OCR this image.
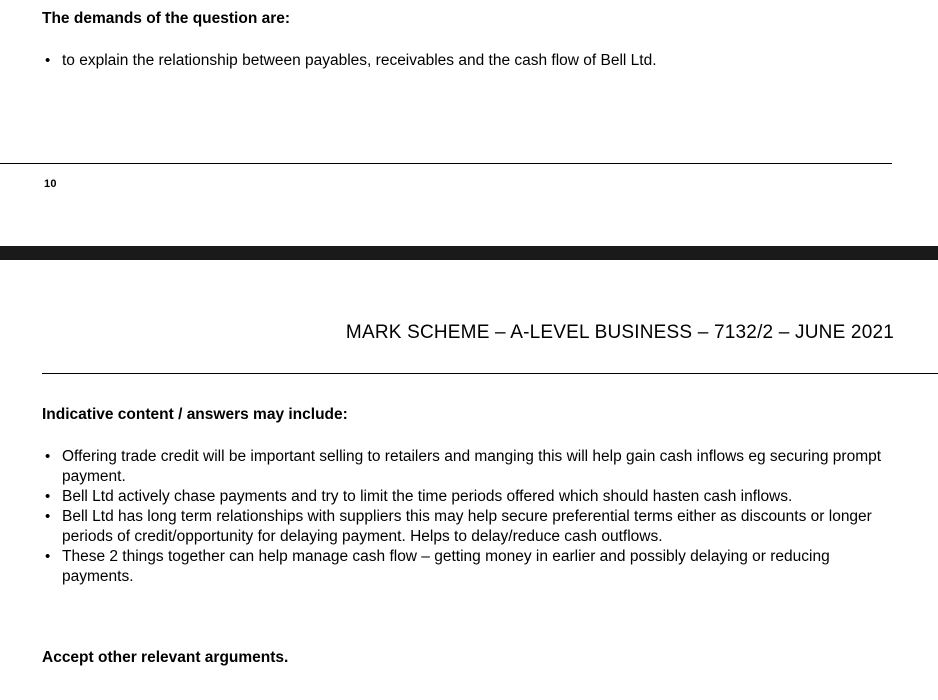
The demands of the question are:
• to explain the relationship between payables, receivables and the cash flow of Bell Ltd.
10
MARK SCHEME – A-LEVEL BUSINESS – 7132/2 – JUNE 2021
Indicative content / answers may include:
• Offering trade credit will be important selling to retailers and manging this will help gain cash inflows eg securing prompt payment.
• Bell Ltd actively chase payments and try to limit the time periods offered which should hasten cash inflows.
• Bell Ltd has long term relationships with suppliers this may help secure preferential terms either as discounts or longer periods of credit/opportunity for delaying payment. Helps to delay/reduce cash outflows.
• These 2 things together can help manage cash flow – getting money in earlier and possibly delaying or reducing payments.
Accept other relevant arguments.
